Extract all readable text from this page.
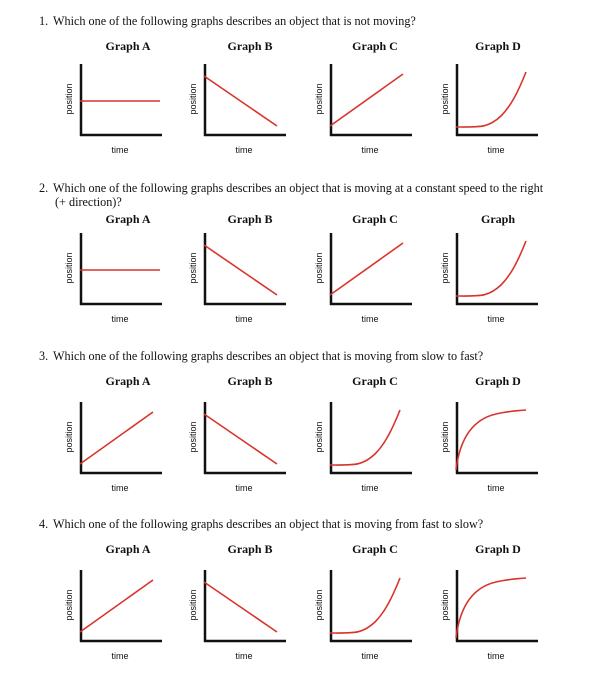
1. Which one of the following graphs describes an object that is not moving?
Graph A
position
time
Graph B
position
time
Graph C
position
time
Graph D
position
time
2. Which one of the following graphs describes an object that is moving at a constant speed to the right
(+ direction)?
Graph A
position
time
Graph B
position
time
Graph C
position
time
Graph
position
time
3. Which one of the following graphs describes an object that is moving from slow to fast?
Graph A
position
time
Graph B
position
time
Graph C
position
time
Graph D
position
time
4. Which one of the following graphs describes an object that is moving from fast to slow?
Graph A
position
time
Graph B
position
time
Graph C
position
time
Graph D
position
time
